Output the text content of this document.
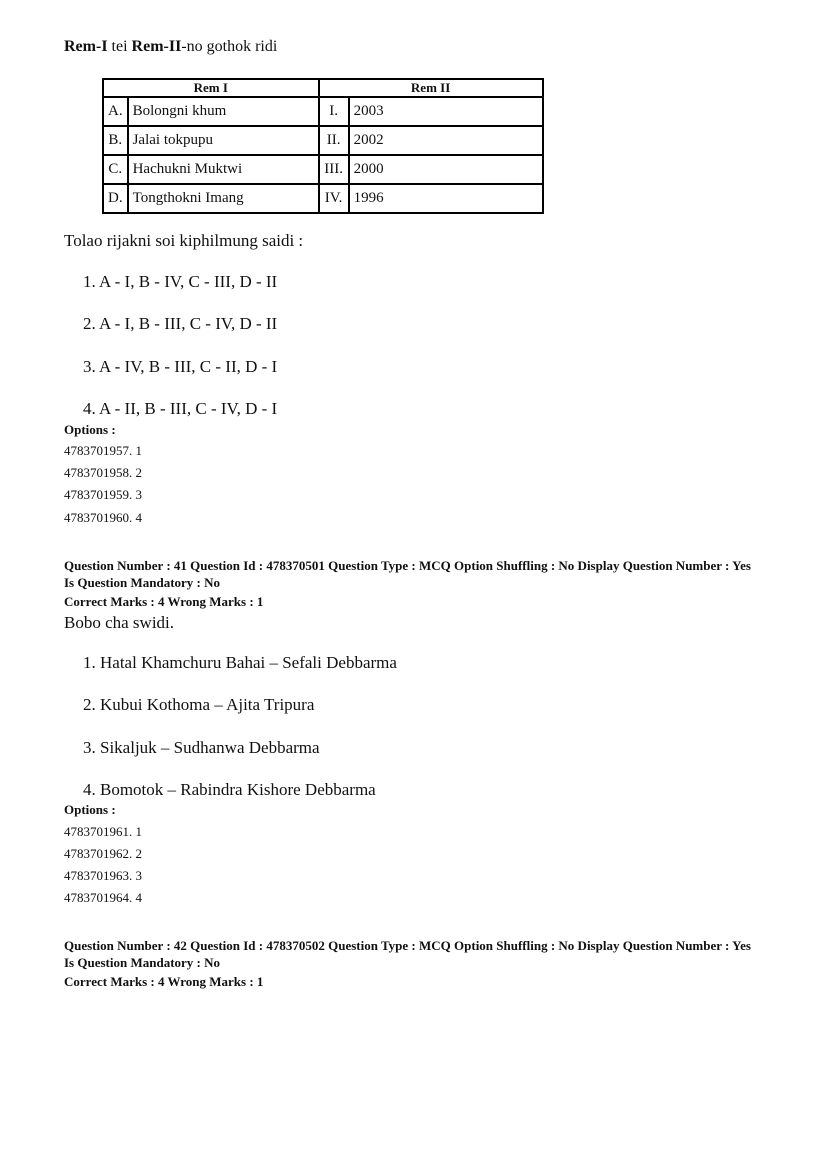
Rem-I tei Rem-II-no gothok ridi
Rem I		Rem II	
A.	Bolongni khum	I.	2003
B.	Jalai tokpupu	II.	2002
C.	Hachukni Muktwi	III.	2000
D.	Tongthokni Imang	IV.	1996
Tolao rijakni soi kiphilmung saidi :
1. A - I, B - IV, C - III, D - II
2. A - I, B - III, C - IV, D - II
3. A - IV, B - III, C - II, D - I
4. A - II, B - III, C - IV, D - I
Options :
4783701957. 1
4783701958. 2
4783701959. 3
4783701960. 4
Question Number : 41 Question Id : 478370501 Question Type : MCQ Option Shuffling : No Display Question Number : Yes Is Question Mandatory : No
Correct Marks : 4 Wrong Marks : 1
Bobo cha swidi.
1. Hatal Khamchuru Bahai – Sefali Debbarma
2. Kubui Kothoma – Ajita Tripura
3. Sikaljuk – Sudhanwa Debbarma
4. Bomotok – Rabindra Kishore Debbarma
Options :
4783701961. 1
4783701962. 2
4783701963. 3
4783701964. 4
Question Number : 42 Question Id : 478370502 Question Type : MCQ Option Shuffling : No Display Question Number : Yes Is Question Mandatory : No
Correct Marks : 4 Wrong Marks : 1
